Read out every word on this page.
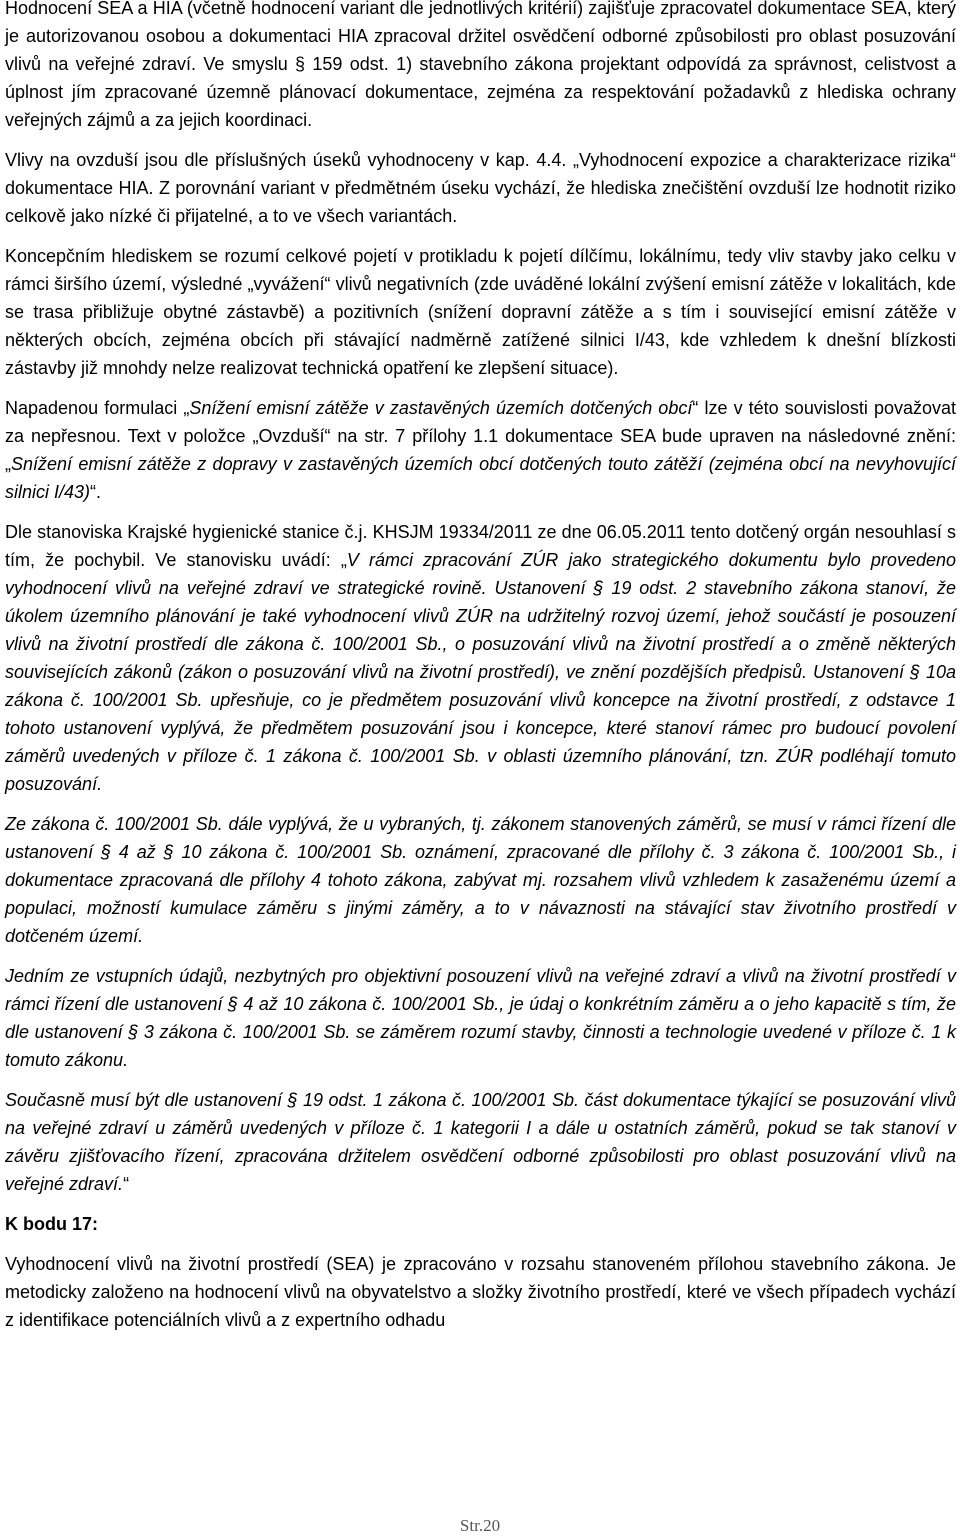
Hodnocení SEA a HIA (včetně hodnocení variant dle jednotlivých kritérií) zajišťuje zpracovatel dokumentace SEA, který je autorizovanou osobou a dokumentaci HIA zpracoval držitel osvědčení odborné způsobilosti pro oblast posuzování vlivů na veřejné zdraví. Ve smyslu § 159 odst. 1) stavebního zákona projektant odpovídá za správnost, celistvost a úplnost jím zpracované územně plánovací dokumentace, zejména za respektování požadavků z hlediska ochrany veřejných zájmů a za jejich koordinaci.

Vlivy na ovzduší jsou dle příslušných úseků vyhodnoceny v kap. 4.4. „Vyhodnocení expozice a charakterizace rizika“ dokumentace HIA. Z porovnání variant v předmětném úseku vychází, že hlediska znečištění ovzduší lze hodnotit riziko celkově jako nízké či přijatelné, a to ve všech variantách.

Koncepčním hlediskem se rozumí celkové pojetí v protikladu k pojetí dílčímu, lokálnímu, tedy vliv stavby jako celku v rámci širšího území, výsledné „vyvážení“ vlivů negativních (zde uváděné lokální zvýšení emisní zátěže v lokalitách, kde se trasa přibližuje obytné zástavbě) a pozitivních (snížení dopravní zátěže a s tím i související emisní zátěže v některých obcích, zejména obcích při stávající nadměrně zatížené silnici I/43, kde vzhledem k dnešní blízkosti zástavby již mnohdy nelze realizovat technická opatření ke zlepšení situace).

Napadenou formulaci „Snížení emisní zátěže v zastavěných územích dotčených obcí“ lze v této souvislosti považovat za nepřesnou. Text v položce „Ovzduší“ na str. 7 přílohy 1.1 dokumentace SEA bude upraven na následovné znění: „Snížení emisní zátěže z dopravy v zastavěných územích obcí dotčených touto zátěží (zejména obcí na nevyhovující silnici I/43)“.

Dle stanoviska Krajské hygienické stanice č.j. KHSJM 19334/2011 ze dne 06.05.2011 tento dotčený orgán nesouhlasí s tím, že pochybil. Ve stanovisku uvádí: „V rámci zpracování ZÚR jako strategického dokumentu bylo provedeno vyhodnocení vlivů na veřejné zdraví ve strategické rovině. Ustanovení § 19 odst. 2 stavebního zákona stanoví, že úkolem územního plánování je také vyhodnocení vlivů ZÚR na udržitelný rozvoj území, jehož součástí je posouzení vlivů na životní prostředí dle zákona č. 100/2001 Sb., o posuzování vlivů na životní prostředí a o změně některých souvisejících zákonů (zákon o posuzování vlivů na životní prostředí), ve znění pozdějších předpisů. Ustanovení § 10a zákona č. 100/2001 Sb. upřesňuje, co je předmětem posuzování vlivů koncepce na životní prostředí, z odstavce 1 tohoto ustanovení vyplývá, že předmětem posuzování jsou i koncepce, které stanoví rámec pro budoucí povolení záměrů uvedených v příloze č. 1 zákona č. 100/2001 Sb. v oblasti územního plánování, tzn. ZÚR podléhají tomuto posuzování.

Ze zákona č. 100/2001 Sb. dále vyplývá, že u vybraných, tj. zákonem stanovených záměrů, se musí v rámci řízení dle ustanovení § 4 až § 10 zákona č. 100/2001 Sb. oznámení, zpracované dle přílohy č. 3 zákona č. 100/2001 Sb., i dokumentace zpracovaná dle přílohy 4 tohoto zákona, zabývat mj. rozsahem vlivů vzhledem k zasaženému území a populaci, možností kumulace záměru s jinými záměry, a to v návaznosti na stávající stav životního prostředí v dotčeném území.

Jedním ze vstupních údajů, nezbytných pro objektivní posouzení vlivů na veřejné zdraví a vlivů na životní prostředí v rámci řízení dle ustanovení § 4 až 10 zákona č. 100/2001 Sb., je údaj o konkrétním záměru a o jeho kapacitě s tím, že dle ustanovení § 3 zákona č. 100/2001 Sb. se záměrem rozumí stavby, činnosti a technologie uvedené v příloze č. 1 k tomuto zákonu.

Současně musí být dle ustanovení § 19 odst. 1 zákona č. 100/2001 Sb. část dokumentace týkající se posuzování vlivů na veřejné zdraví u záměrů uvedených v příloze č. 1 kategorii I a dále u ostatních záměrů, pokud se tak stanoví v závěru zjišťovacího řízení, zpracována držitelem osvědčení odborné způsobilosti pro oblast posuzování vlivů na veřejné zdraví.“

K bodu 17:

Vyhodnocení vlivů na životní prostředí (SEA) je zpracováno v rozsahu stanoveném přílohou stavebního zákona. Je metodicky založeno na hodnocení vlivů na obyvatelstvo a složky životního prostředí, které ve všech případech vychází z identifikace potenciálních vlivů a z expertního odhadu

Str.20
